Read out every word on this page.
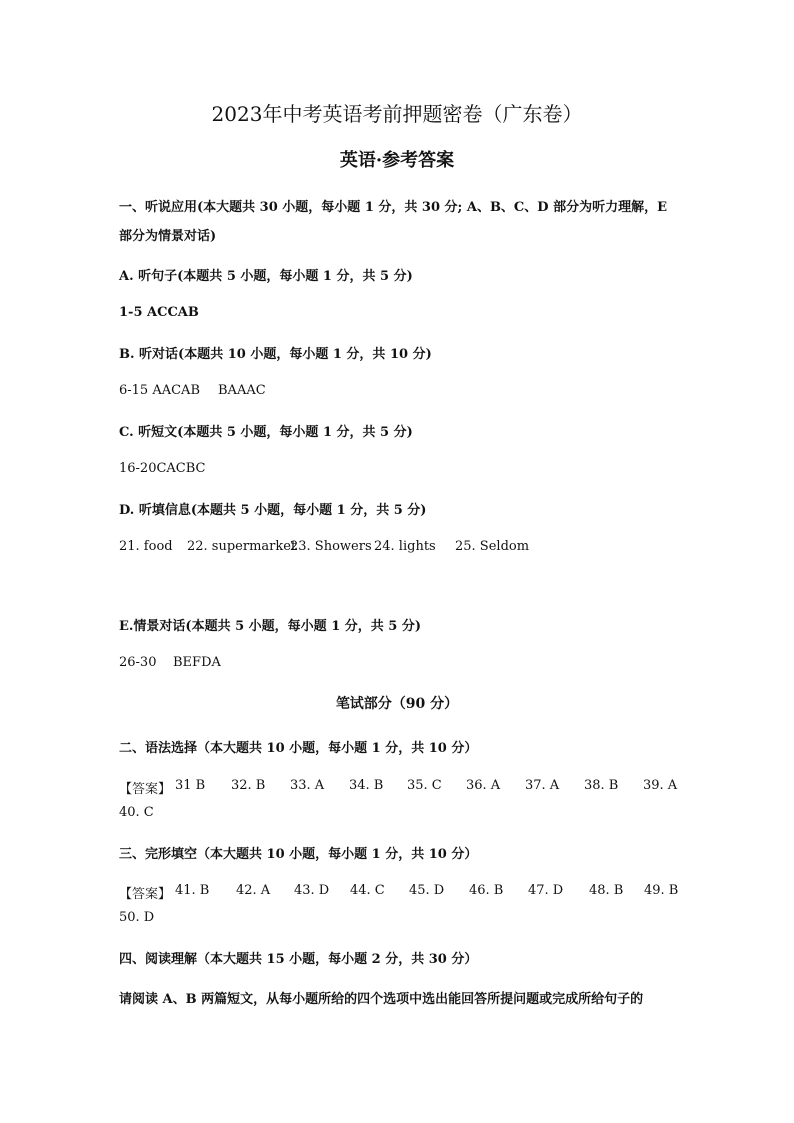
2023年中考英语考前押题密卷（广东卷）
英语·参考答案
一、听说应用(本大题共 30 小题，每小题 1 分，共 30 分; A、B、C、D 部分为听力理解，E
部分为情景对话)
A. 听句子(本题共 5 小题，每小题 1 分，共 5 分)
1-5 ACCAB
B. 听对话(本题共 10 小题，每小题 1 分，共 10 分)
6-15 AACAB BAAAC
C. 听短文(本题共 5 小题，每小题 1 分，共 5 分)
16-20CACBC
D. 听填信息(本题共 5 小题，每小题 1 分，共 5 分)
21. food 22. supermarket
23. Showers 24. lights 25. Seldom
E.情景对话(本题共 5 小题，每小题 1 分，共 5 分)
26-30    BEFDA
笔试部分（90 分）
二、语法选择（本大题共 10 小题，每小题 1 分，共 10 分）
【答案】 31 B 32. B 33. A 34. B 35. C 36. A 37. A 38. B 39. A
40. C
三、完形填空（本大题共 10 小题，每小题 1 分，共 10 分）
【答案】 41. B 42. A 43. D 44. C 45. D 46. B 47. D 48. B 49. B
50. D
四、阅读理解（本大题共 15 小题，每小题 2 分，共 30 分）
请阅读 A、B 两篇短文，从每小题所给的四个选项中选出能回答所提问题或完成所给句子的
